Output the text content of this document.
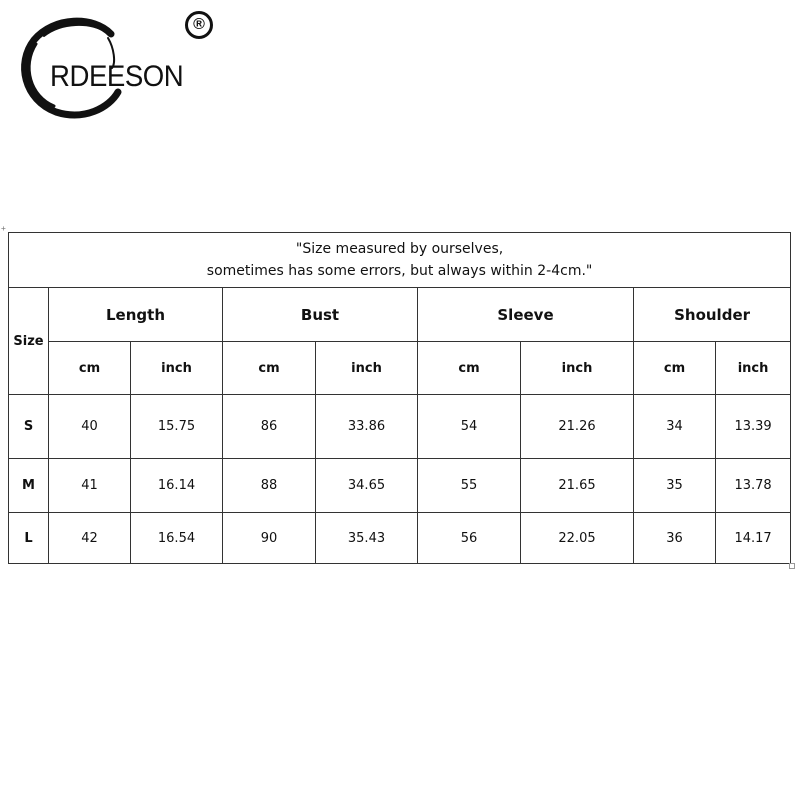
RDEESON
®
+
"Size measured by ourselves,
sometimes has some errors, but always within 2-4cm."								

Size	Length		Bust		Sleeve		Shoulder	
	cm	inch	cm	inch	cm	inch	cm	inch
S	40	15.75	86	33.86	54	21.26	34	13.39
M	41	16.14	88	34.65	55	21.65	35	13.78
L	42	16.54	90	35.43	56	22.05	36	14.17
